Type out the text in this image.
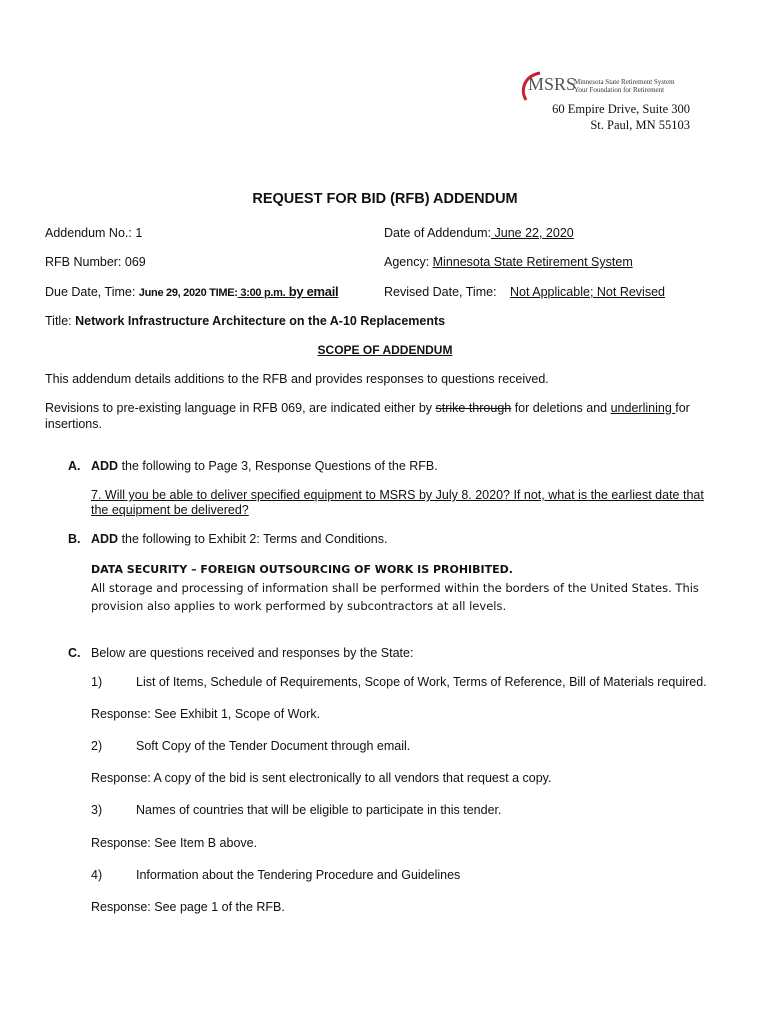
MSRS
Minnesota State Retirement System
Your Foundation for Retirement
60 Empire Drive, Suite 300
St. Paul, MN 55103
REQUEST FOR BID (RFB) ADDENDUM
Addendum No.: 1	Date of Addendum: June 22, 2020
RFB Number: 069	Agency: Minnesota State Retirement System
Due Date, Time: June 29, 2020 TIME: 3:00 p.m. by email	Revised Date, Time: Not Applicable; Not Revised
Title: Network Infrastructure Architecture on the A-10 Replacements
SCOPE OF ADDENDUM
This addendum details additions to the RFB and provides responses to questions received.
Revisions to pre-existing language in RFB 069, are indicated either by strike through for deletions and underlining for
insertions.
A. ADD the following to Page 3, Response Questions of the RFB.
7. Will you be able to deliver specified equipment to MSRS by July 8. 2020? If not, what is the earliest date that
the equipment be delivered?
B. ADD the following to Exhibit 2: Terms and Conditions.
DATA SECURITY – FOREIGN OUTSOURCING OF WORK IS PROHIBITED.
All storage and processing of information shall be performed within the borders of the United States. This
provision also applies to work performed by subcontractors at all levels.
C. Below are questions received and responses by the State:
1)	List of Items, Schedule of Requirements, Scope of Work, Terms of Reference, Bill of Materials required.
Response: See Exhibit 1, Scope of Work.
2)	Soft Copy of the Tender Document through email.
Response: A copy of the bid is sent electronically to all vendors that request a copy.
3)	Names of countries that will be eligible to participate in this tender.
Response: See Item B above.
4)	Information about the Tendering Procedure and Guidelines
Response: See page 1 of the RFB.
